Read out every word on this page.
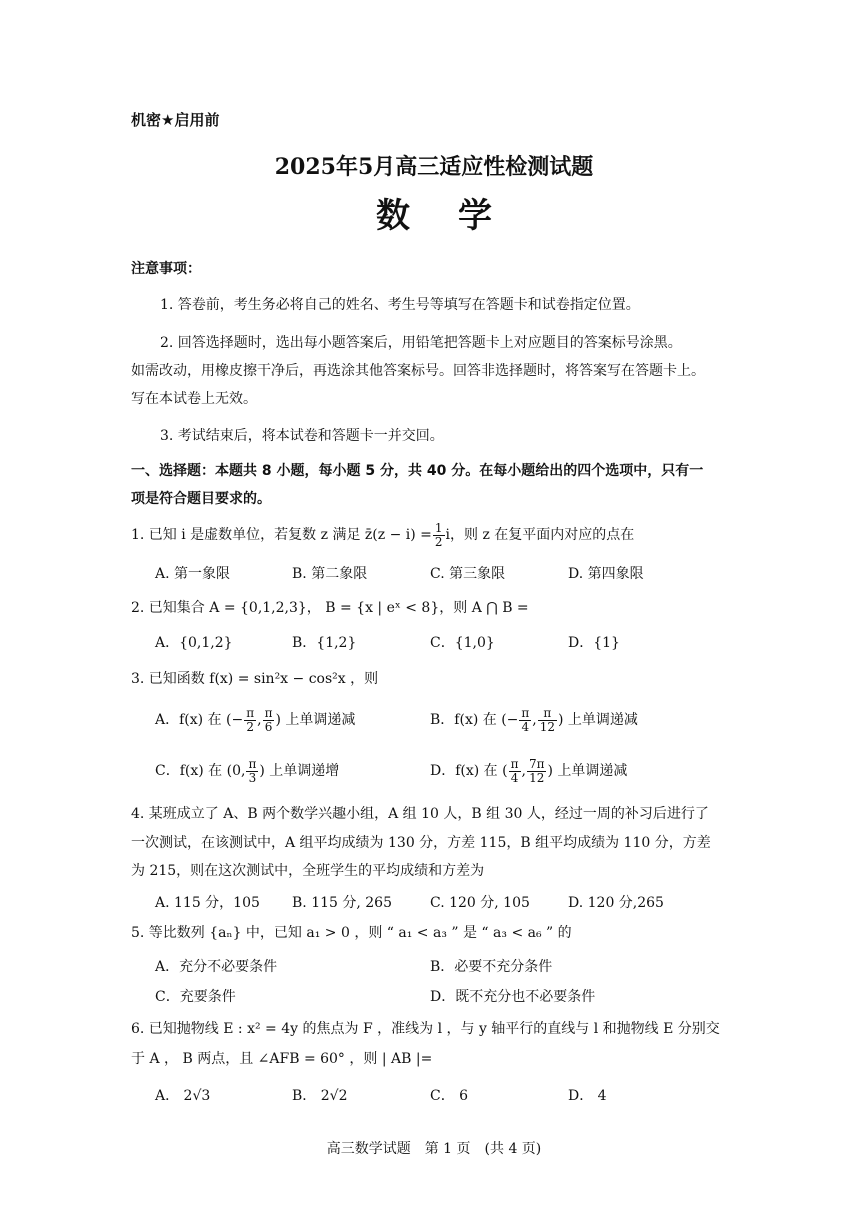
机密★启用前
2025年5月高三适应性检测试题
数学
注意事项：
1. 答卷前，考生务必将自己的姓名、考生号等填写在答题卡和试卷指定位置。
2. 回答选择题时，选出每小题答案后，用铅笔把答题卡上对应题目的答案标号涂黑。
如需改动，用橡皮擦干净后，再选涂其他答案标号。回答非选择题时，将答案写在答题卡上。
写在本试卷上无效。
3. 考试结束后，将本试卷和答题卡一并交回。
一、选择题：本题共 8 小题，每小题 5 分，共 40 分。在每小题给出的四个选项中，只有一
项是符合题目要求的。
1. 已知 i 是虚数单位，若复数 z 满足 z̄(z − $i) = \frac{1}{2}$ i，则 z 在复平面内对应的点在
A. 第一象限	B. 第二象限	C. 第三象限	D. 第四象限
2. 已知集合 A = {0,1,2,3}， B = {x | eˣ < 8}，则 A ⋂ B =
A．{0,1,2}	B．{1,2}	C．{1,0}	D．{1}
3. 已知函数 f(x) = sin²x − cos²x ，则
A．f(x) 在 (− $\frac{\pi}{2}$ , $\frac{\pi}{6}$ ) 上单调递减	B．f(x) 在 (− $\frac{\pi}{4}$ , $\frac{\pi}{12}$ ) 上单调递减
C．f(x) 在 (0, $\frac{\pi}{3}$ ) 上单调递增	D．f(x) 在 ( $\frac{\pi}{4}$ , $\frac{7\pi}{12}$ ) 上单调递减
4. 某班成立了 A、B 两个数学兴趣小组，A 组 10 人，B 组 30 人，经过一周的补习后进行了
一次测试，在该测试中，A 组平均成绩为 130 分，方差 115，B 组平均成绩为 110 分，方差
为 215，则在这次测试中，全班学生的平均成绩和方差为
A. 115 分，105 B. 115 分, 265	C. 120 分, 105	D. 120 分,265
5. 等比数列 {aₙ} 中，已知 a₁ > 0 ，则 “ a₁ < a₃ ” 是 “ a₃ < a₆ ” 的
A．充分不必要条件	B．必要不充分条件
C．充要条件	D．既不充分也不必要条件
6. 已知抛物线 E : x² = 4y 的焦点为 F ，准线为 l ，与 y 轴平行的直线与 l 和抛物线 E 分别交
于 A ， B 两点，且 ∠AFB = 60° ，则 | AB |=
A． 2√3	B． 2√2	C． 6	D． 4
高三数学试题　第 1 页　(共 4 页)
